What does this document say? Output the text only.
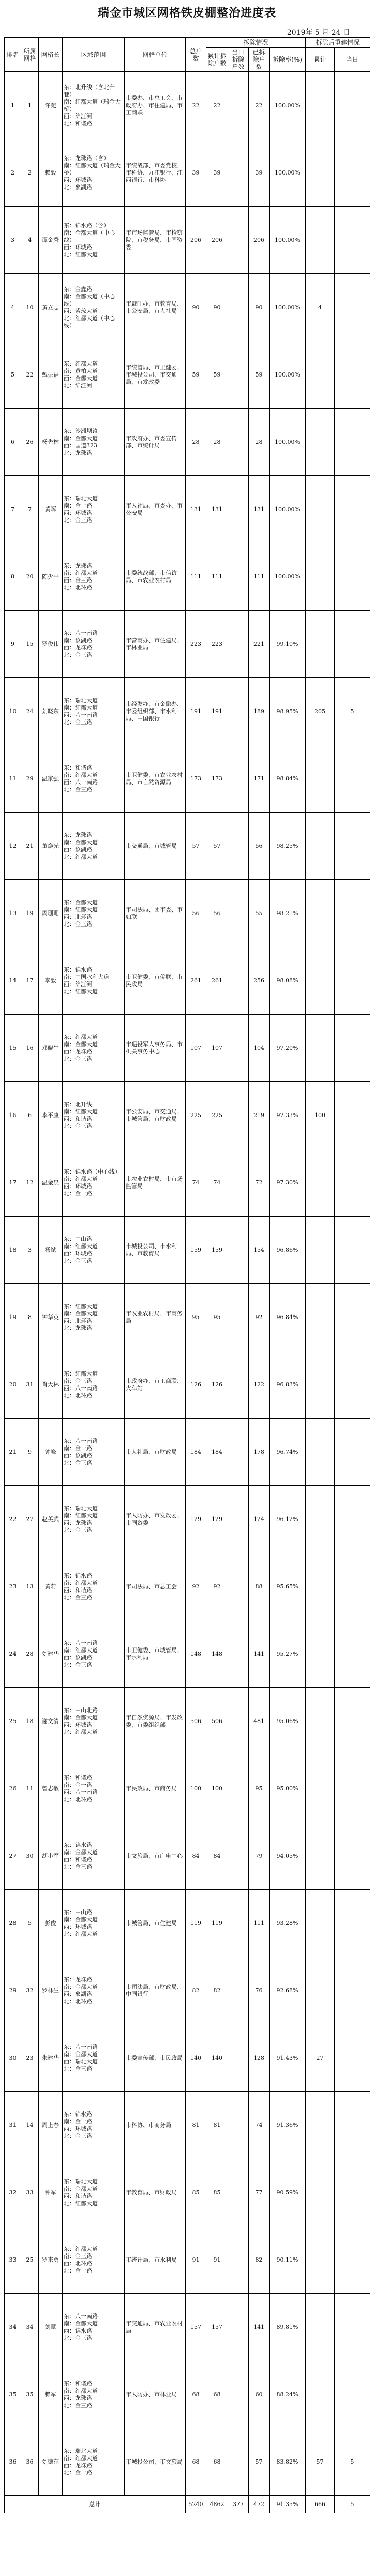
瑞金市城区网格铁皮棚整治进度表
2019年 5 月 24 日
排名	所属网格	网格长	区域范围	网格单位	总户数	拆除情况				拆除后重建情况	
						累计拆除户数	当日拆除户数	已拆除户数	拆除率(%)	累计	当日
1	1	许苑	东：北升线（含北升巷）
南：红都大道（瑞金大桥）
西：绵江河
北：和谐路	市委办、市总工会、市政府办、市住建局、市工商联	22	22		22	100.00%		
2	2	赖毅	东：龙珠路（含）
南：红都大道（瑞金大桥）
西：环城路
北：象湖路	市统战部、市委党校、市科协、九江银行、江西银行、市科协	39	39		39	100.00%		
3	4	谭金秀	东：锦水路（含）
南：金都大道（中心线）
西：环城路
北：红都大道	市市场监管局、市检察院、市税务局、市国资委	206	206		206	100.00%		
4	10	黄立志	东：金鑫路
南：金都大道（中心线）
西：紫琼大道
北：红都大道（中心线）	市戴旺办、市教育局、市公安局、市人社局	90	90		90	100.00%	4	
5	22	戴振福	东：红都大道
南：黄柏大道
西：金都大道
北：绵江河	市统管局、市卫健委、市城投公司、市交通局、市发改委	59	59		59	100.00%		
6	26	杨先林	东：沙洲坝镇
南：金都大道
西：国道323
北：龙珠路	市政府办、市委宣传部、市统计局	28	28		28	100.00%		
7	7	黄晖	东：瑞北大道
南：金一路
西：环城路
北：金三路	市人社局、市委办、市公安局	131	131		131	100.00%		
8	20	陈少平	东：龙珠路
南：红都大道
西：金三路
北：北环路	市委统战部、市信访局、市农业农村局	111	111		111	100.00%		
9	15	罗俊伟	东：八一南路
南：象湖路
西：龙珠路
北：金三路	市营商办、市住建局、市林业局	223	223		221	99.10%		
10	24	刘晓东	东：瑞北大道
南：红都大道
西：八一南路
北：金三路	市经发办、市金融办、市委组织部、市水利局、中国银行	191	191		189	98.95%	205	5
11	29	温家强	东：和谐路
南：红都大道
西：八一南路
北：金三路	市卫健委、市农业农村局、市自然资源局	173	173		171	98.84%		
12	21	董焕光	东：龙珠路
南：金都大道
西：象湖路
北：红都大道	市交通局、市城管局	57	57		56	98.25%		
13	19	周珊珊	东：金都大道
南：红都大道
西：北环路
北：金三路	市司法局、团市委、市妇联	56	56		55	98.21%		
14	17	李毅	东：锦水路
南：中国水利大道
西：绵江河
北：红都大道	市卫健委、市侨联、市民政局	261	261		256	98.08%		
15	16	邓晓生	东：红都大道
南：金都大道
西：龙珠路
北：金三路	市退役军人事务局、市机关事务中心	107	107		104	97.20%		
16	6	李平康	东：北升线
南：红都大道
西：和谐路
北：金三路	市公安局、市交通局、市城管局、市财政局	225	225		219	97.33%	100	
17	12	温金泉	东：锦水路（中心线）
南：红都大道
西：环城路
北：金一路	市农业农村局、市市场监管局	74	74		72	97.30%		
18	3	杨斌	东：中山路
南：红都大道
西：环城路
北：金三路	市城投公司、市水利局、市教育局	159	159		154	96.86%		
19	8	钟华英	东：红都大道
南：金都大道
西：北环路
北：龙珠路	市农业农村局、市商务局	95	95		92	96.84%		
20	31	肖大林	东：红都大道
南：金三路
西：八一南路
北：北环路	市政府办、市工商联、火车站	126	126		122	96.83%		
21	9	钟峰	东：八一南路
南：金一路
西：象湖路
北：金三路	市人社局、市财政局	184	184		178	96.74%		
22	27	赵英武	东：瑞北大道
南：红都大道
西：龙珠路
北：金三路	市人防办、市发改委、市国资委	129	129		124	96.12%		
23	13	黄莉	东：锦水路
南：红都大道
西：和谐路
北：金三路	市司法局、市总工会	92	92		88	95.65%		
24	28	刘建华	东：八一南路
南：红都大道
西：象湖路
北：金三路	市卫健委、市城管局、市水利局	148	148		141	95.27%		
25	18	谢文清	东：中山北路
南：金都大道
西：环城路
北：红都大道	市自然资源局、市发改委、市委组织部	506	506		481	95.06%		
26	11	曾志敏	东：和谐路
南：金一路
西：八一南路
北：北环路	市民政局、市商务局	100	100		95	95.00%		
27	30	胡小军	东：锦水路
南：金都大道
西：和谐路
北：金三路	市文旅局、市广电中心	84	84		79	94.05%		
28	5	彭俊	东：中山路
南：金都大道
西：环城路
北：红都大道	市城管局、市住建局	119	119		111	93.28%		
29	32	罗林生	东：龙珠路
南：金都大道
西：象湖路
北：北环路	市司法局、市财政局、中国银行	82	82		76	92.68%		
30	23	朱建华	东：八一南路
南：金都大道
西：瑞北大道
北：金三路	市委宣传部、市民政局	140	140		128	91.43%	27	
31	14	周上春	东：锦水路
南：金一路
西：环城路
北：金三路	市科协、市商务局	81	81		74	91.36%		
32	33	钟军	东：瑞北大道
南：金都大道
西：和谐路
北：红都大道	市教育局、市财政局	85	85		77	90.59%		
33	25	罗来勇	东：红都大道
南：金三路
西：北环路
北：金一路	市统计局、市水利局	91	91		82	90.11%		
34	34	刘慧	东：八一南路
南：金都大道
西：锦水路
北：金三路	市交通局、市农业农村局	157	157		141	89.81%		
35	35	赖军	东：和谐路
南：红都大道
西：龙珠路
北：金三路	市人防办、市林业局	68	68		60	88.24%		
36	36	刘德东	东：瑞北大道
南：红都大道
西：龙珠路
北：金一路	市城投公司、市文旅局	68	68		57	83.82%	57	5
总计					5240	4862	377	472	91.35%	666	5
